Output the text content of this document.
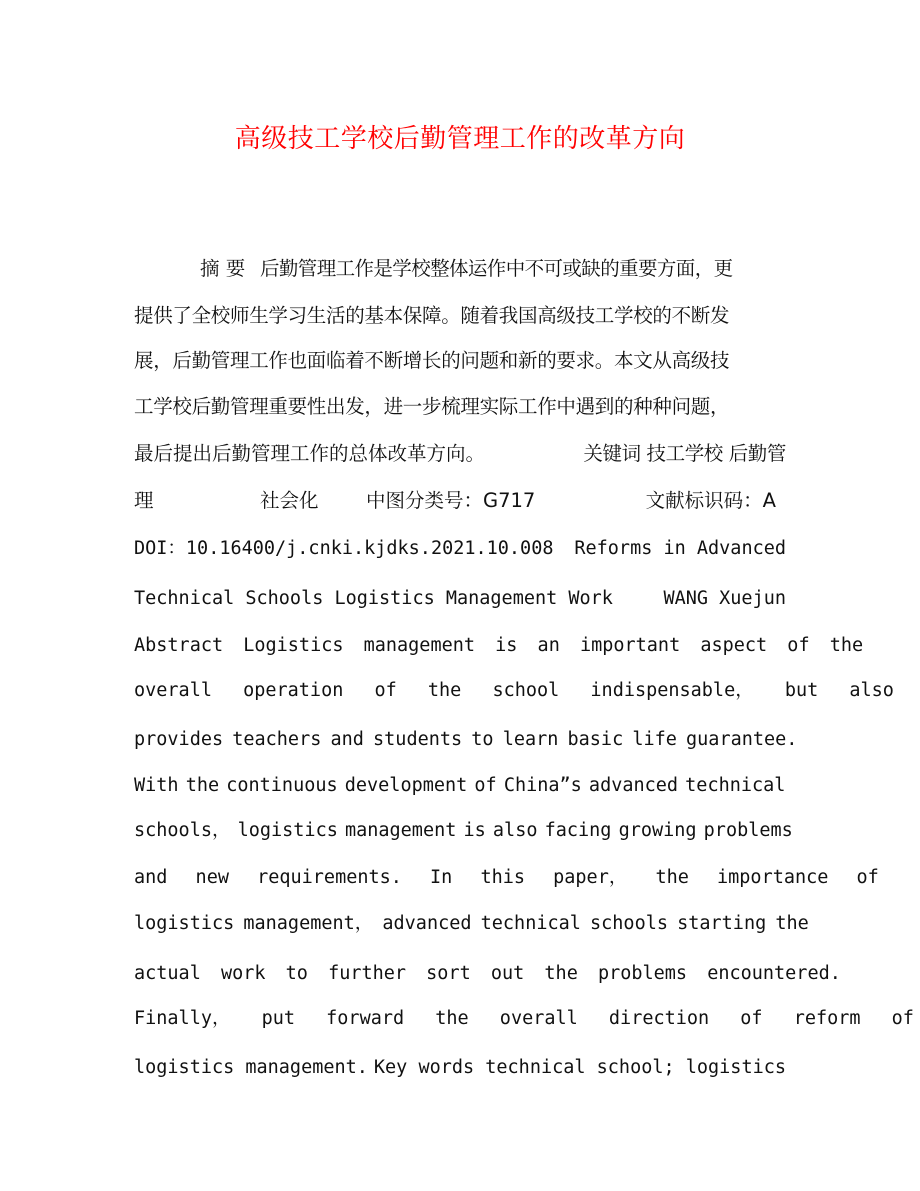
高级技工学校后勤管理工作的改革方向
摘 要 后勤管理工作是学校整体运作中不可或缺的重要方面，更
提供了全校师生学习生活的基本保障。随着我国高级技工学校的不断发
展，后勤管理工作也面临着不断增长的问题和新的要求。本文从高级技
工学校后勤管理重要性出发，进一步梳理实际工作中遇到的种种问题，
最后提出后勤管理工作的总体改革方向。	关键词 技工学校 后勤管
理	社会化 中图分类号：G717	文献标识码：A
DOI：10.16400/j.cnki.kjdks.2021.10.008 Reforms in Advanced
Technical Schools Logistics Management Work	WANG Xuejun
Abstract Logistics management is an important aspect of the
overall operation of the school indispensable， but also
provides teachers and students to learn basic life guarantee.
With the continuous development of China”s advanced technical
schools， logistics management is also facing growing problems
and new requirements. In this paper， the importance of
logistics management， advanced technical schools starting the
actual work to further sort out the problems encountered.
Finally， put forward the overall direction of reform of
logistics management. Key words technical school; logistics
